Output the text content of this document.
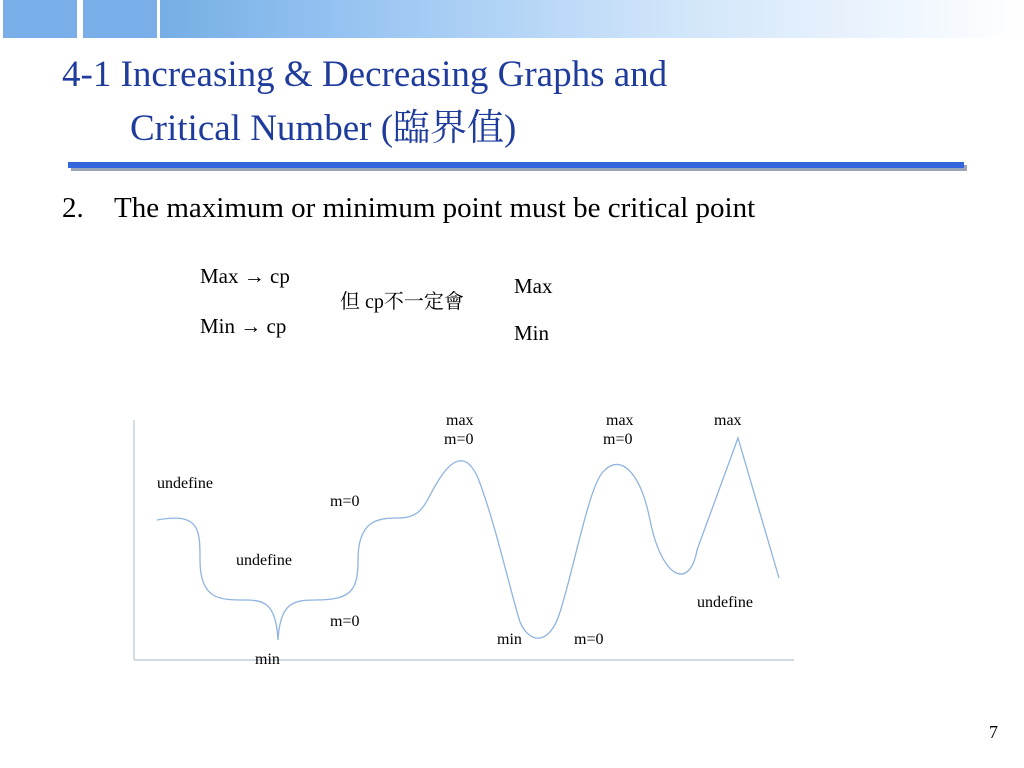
4-1 Increasing & Decreasing Graphs and
Critical Number (臨界值)
2. The maximum or minimum point must be critical point
Max → cp
Min → cp
但 cp不一定會
Max
Min
undefine
undefine
m=0
m=0
min
max
m=0
min	m=0
max
m=0
max
undefine
7
